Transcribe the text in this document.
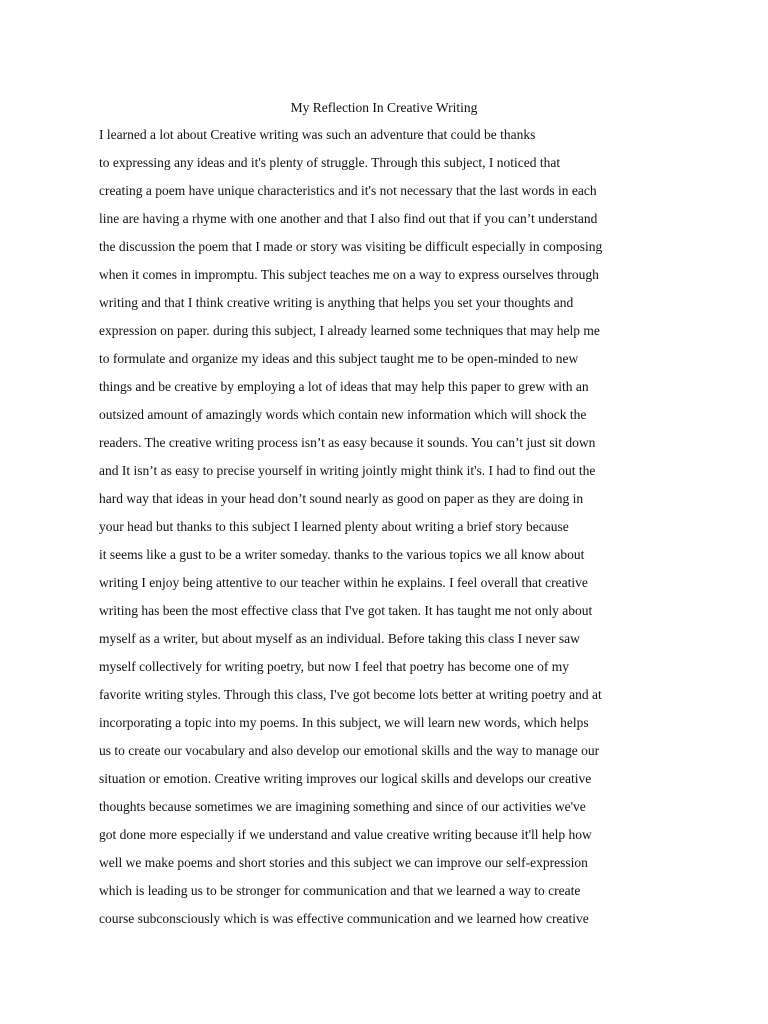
My Reflection In Creative Writing
I learned a lot about Creative writing was such an adventure that could be thanks
to expressing any ideas and it's plenty of struggle. Through this subject, I noticed that
creating a poem have unique characteristics and it's not necessary that the last words in each
line are having a rhyme with one another and that I also find out that if you can’t understand
the discussion the poem that I made or story was visiting be difficult especially in composing
when it comes in impromptu. This subject teaches me on a way to express ourselves through
writing and that I think creative writing is anything that helps you set your thoughts and
expression on paper. during this subject, I already learned some techniques that may help me
to formulate and organize my ideas and this subject taught me to be open-minded to new
things and be creative by employing a lot of ideas that may help this paper to grew with an
outsized amount of amazingly words which contain new information which will shock the
readers. The creative writing process isn’t as easy because it sounds. You can’t just sit down
and It isn’t as easy to precise yourself in writing jointly might think it's. I had to find out the
hard way that ideas in your head don’t sound nearly as good on paper as they are doing in
your head but thanks to this subject I learned plenty about writing a brief story because
it seems like a gust to be a writer someday. thanks to the various topics we all know about
writing I enjoy being attentive to our teacher within he explains. I feel overall that creative
writing has been the most effective class that I've got taken. It has taught me not only about
myself as a writer, but about myself as an individual. Before taking this class I never saw
myself collectively for writing poetry, but now I feel that poetry has become one of my
favorite writing styles. Through this class, I've got become lots better at writing poetry and at
incorporating a topic into my poems. In this subject, we will learn new words, which helps
us to create our vocabulary and also develop our emotional skills and the way to manage our
situation or emotion. Creative writing improves our logical skills and develops our creative
thoughts because sometimes we are imagining something and since of our activities we've
got done more especially if we understand and value creative writing because it'll help how
well we make poems and short stories and this subject we can improve our self-expression
which is leading us to be stronger for communication and that we learned a way to create
course subconsciously which is was effective communication and we learned how creative
